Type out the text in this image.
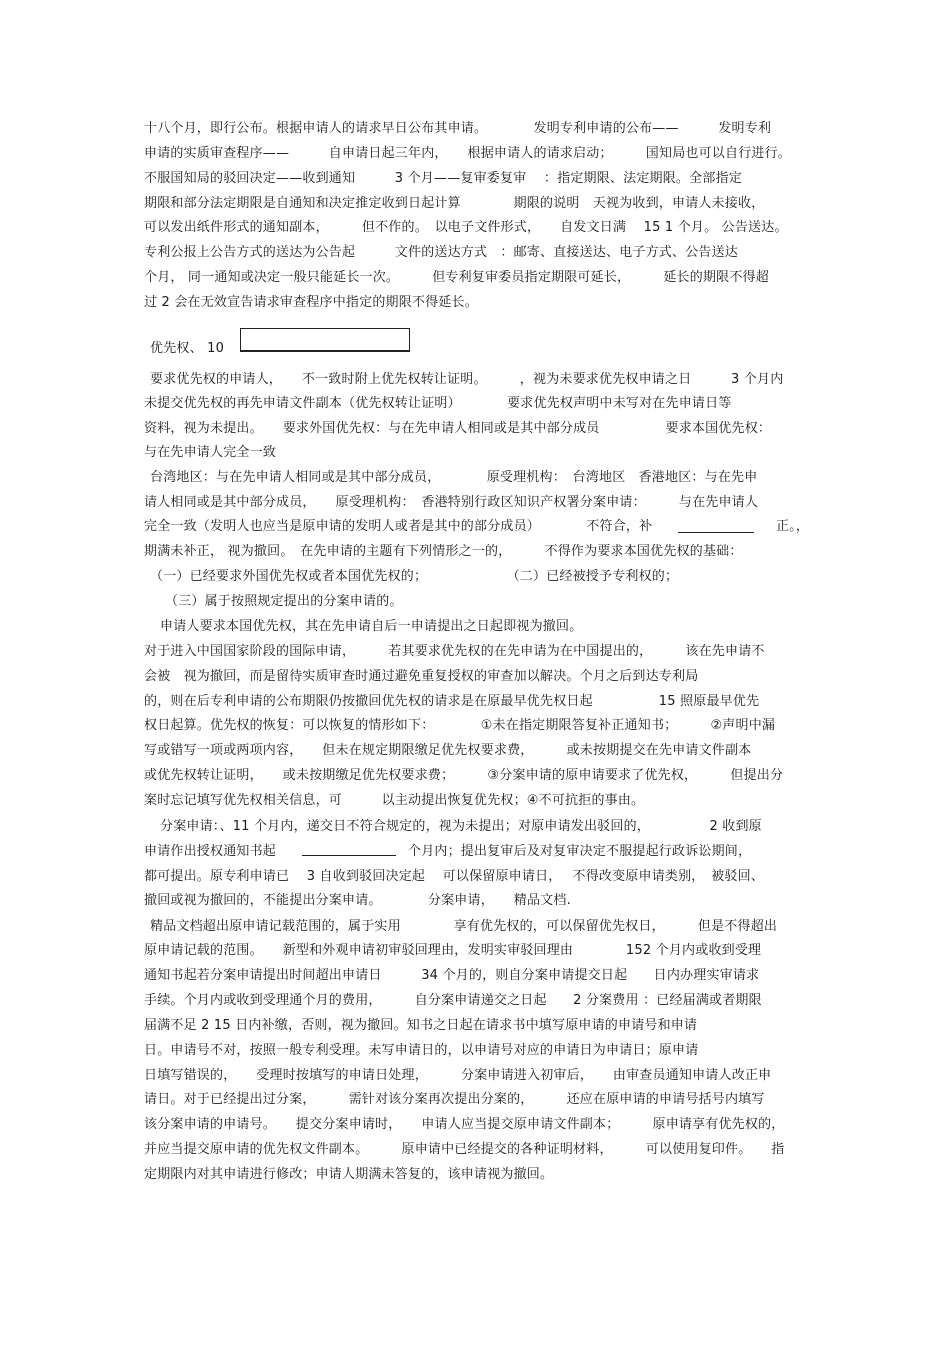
十八个月，即行公布。根据申请人的请求早日公布其申请。　　　　发明专利申请的公布——　　　发明专利
申请的实质审查程序——　　　自申请日起三年内，　　根据申请人的请求启动；　　　国知局也可以自行进行。
不服国知局的驳回决定——收到通知　　　3 个月——复审委复审　 ：指定期限、法定期限。全部指定
期限和部分法定期限是自通知和决定推定收到日起计算　　　　期限的说明　天视为收到，申请人未接收，
可以发出纸件形式的通知副本，　　　但不作的。　以电子文件形式，　　自发文日满　 15 1 个月。 公告送达。
专利公报上公告方式的送达为公告起　　　文件的送达方式　：邮寄、直接送达、电子方式、公告送达
个月， 同一通知或决定一般只能延长一次。　　　但专利复审委员指定期限可延长，　　　延长的期限不得超
过 2 会在无效宣告请求审查程序中指定的期限不得延长。
优先权、 10
要求优先权的申请人，　　不一致时附上优先权转让证明。　　　，视为未要求优先权申请之日　　　3 个月内
未提交优先权的再先申请文件副本（优先权转让证明）　　　　要求优先权声明中未写对在先申请日等
资料，视为未提出。　　要求外国优先权：与在先申请人相同或是其中部分成员　　　　　要求本国优先权：
与在先申请人完全一致
台湾地区：与在先申请人相同或是其中部分成员，　　　　原受理机构：　台湾地区　香港地区：与在先申
请人相同或是其中部分成员，　　原受理机构：　香港特别行政区知识产权署分案申请：　　　与在先申请人
完全一致（发明人也应当是原申请的发明人或者是其中的部分成员）　　　　不符合，补	正。，
期满未补正， 视为撤回。　在先申请的主题有下列情形之一的，　　　不得作为要求本国优先权的基础：
（一）已经要求外国优先权或者本国优先权的；　　　　　　　（二）已经被授予专利权的；
（三）属于按照规定提出的分案申请的。
申请人要求本国优先权，其在先申请自后一申请提出之日起即视为撤回。
对于进入中国国家阶段的国际申请，　　　若其要求优先权的在先申请为在中国提出的，　　　该在先申请不
会被　视为撤回，而是留待实质审查时通过避免重复授权的审查加以解决。个月之后到达专利局
的，则在后专利申请的公布期限仍按撤回优先权的请求是在原最早优先权日起　　　　　15 照原最早优先
权日起算。优先权的恢复：可以恢复的情形如下：　　　　①未在指定期限答复补正通知书；　　　②声明中漏
写或错写一项或两项内容，　　但未在规定期限缴足优先权要求费，　　　或未按期提交在先申请文件副本
或优先权转让证明，　　或未按期缴足优先权要求费；　　　③分案申请的原申请要求了优先权，　　　但提出分
案时忘记填写优先权相关信息，可　　　以主动提出恢复优先权；④不可抗拒的事由。
分案申请：、11 个月内，递交日不符合规定的，视为未提出；对原申请发出驳回的，　　　　　2 收到原
申请作出授权通知书起	个月内；提出复审后及对复审决定不服提起行政诉讼期间，
都可提出。原专利申请已　 3 自收到驳回决定起　 可以保留原申请日，　 不得改变原申请类别，　被驳回、
撤回或视为撤回的，不能提出分案申请。　　　　分案申请，　　精品文档.
精品文档超出原申请记载范围的，属于实用　　　　享有优先权的，可以保留优先权日，　　　但是不得超出
原申请记载的范围。　　新型和外观申请初审驳回理由，发明实审驳回理由　　　　152 个月内或收到受理
通知书起若分案申请提出时间超出申请日　　　34 个月的，则自分案申请提交日起　　日内办理实审请求
手续。个月内或收到受理通个月的费用，　　　自分案申请递交之日起　　2 分案费用 ：已经届满或者期限
届满不足 2 15 日内补缴，否则，视为撤回。知书之日起在请求书中填写原申请的申请号和申请
日。申请号不对，按照一般专利受理。未写申请日的，以申请号对应的申请日为申请日；原申请
日填写错误的，　　受理时按填写的申请日处理，　　　分案申请进入初审后，　　由审查员通知申请人改正申
请日。对于已经提出过分案，　　　需针对该分案再次提出分案的，　　　还应在原申请的申请号括号内填写
该分案申请的申请号。　　提交分案申请时，　　申请人应当提交原申请文件副本；　　　原申请享有优先权的，
并应当提交原申请的优先权文件副本。　　　原申请中已经提交的各种证明材料，　　　可以使用复印件。　　指
定期限内对其申请进行修改；申请人期满未答复的，该申请视为撤回。
